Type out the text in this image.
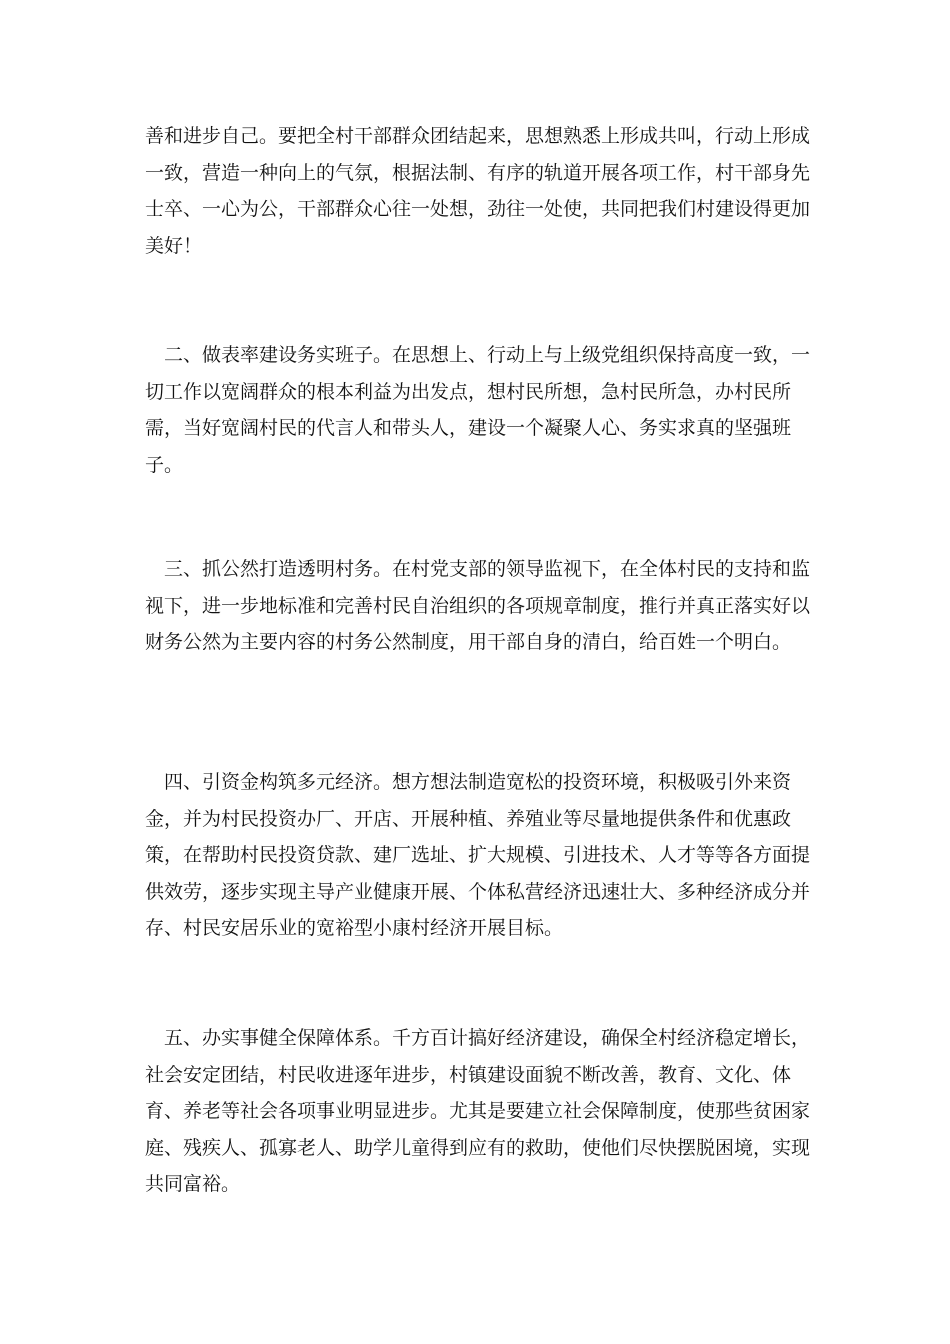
善和进步自己。要把全村干部群众团结起来，思想熟悉上形成共叫，行动上形成一致，营造一种向上的气氛，根据法制、有序的轨道开展各项工作，村干部身先士卒、一心为公，干部群众心往一处想，劲往一处使，共同把我们村建设得更加美好！

　二、做表率建设务实班子。在思想上、行动上与上级党组织保持高度一致，一切工作以宽阔群众的根本利益为出发点，想村民所想，急村民所急，办村民所需，当好宽阔村民的代言人和带头人，建设一个凝聚人心、务实求真的坚强班子。

　三、抓公然打造透明村务。在村党支部的领导监视下，在全体村民的支持和监视下，进一步地标准和完善村民自治组织的各项规章制度，推行并真正落实好以财务公然为主要内容的村务公然制度，用干部自身的清白，给百姓一个明白。

　四、引资金构筑多元经济。想方想法制造宽松的投资环境，积极吸引外来资金，并为村民投资办厂、开店、开展种植、养殖业等尽量地提供条件和优惠政策，在帮助村民投资贷款、建厂选址、扩大规模、引进技术、人才等等各方面提供效劳，逐步实现主导产业健康开展、个体私营经济迅速壮大、多种经济成分并存、村民安居乐业的宽裕型小康村经济开展目标。

　五、办实事健全保障体系。千方百计搞好经济建设，确保全村经济稳定增长，社会安定团结，村民收进逐年进步，村镇建设面貌不断改善，教育、文化、体育、养老等社会各项事业明显进步。尤其是要建立社会保障制度，使那些贫困家庭、残疾人、孤寡老人、助学儿童得到应有的救助，使他们尽快摆脱困境，实现共同富裕。
